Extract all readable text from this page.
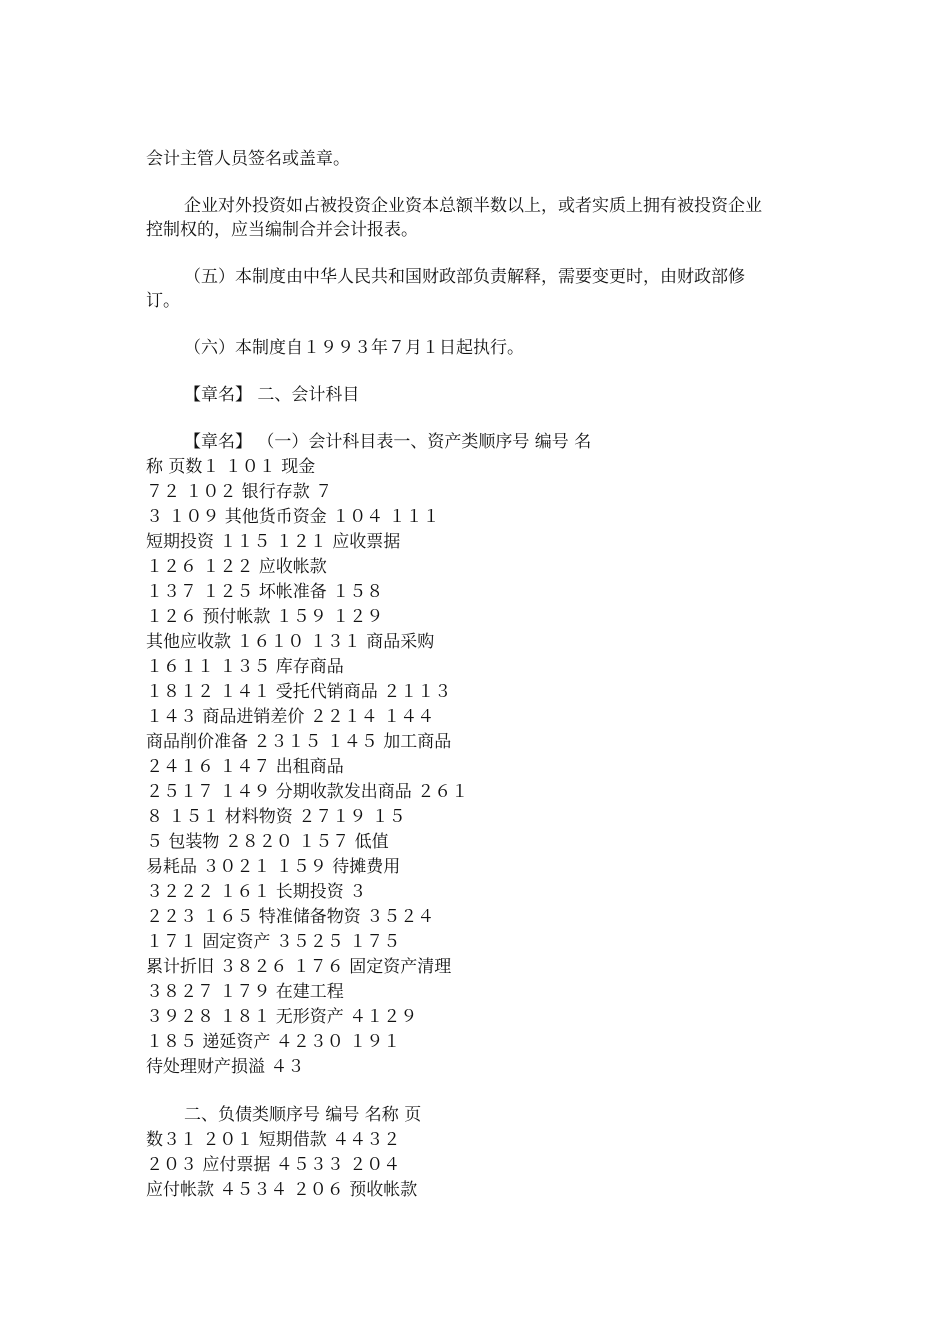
会计主管人员签名或盖章。

企业对外投资如占被投资企业资本总额半数以上，或者实质上拥有被投资企业控制权的，应当编制合并会计报表。

（五）本制度由中华人民共和国财政部负责解释，需要变更时，由财政部修订。

（六）本制度自１９９３年７月１日起执行。

【章名】 二、会计科目

【章名】 （一）会计科目表一、资产类顺序号 编号 名
称 页数１ １０１ 现金
７２ １０２ 银行存款 ７
３ １０９ 其他货币资金 １０４ １１１
短期投资 １１５ １２１ 应收票据
１２６ １２２ 应收帐款
１３７ １２５ 坏帐准备 １５８
１２６ 预付帐款 １５９ １２９
其他应收款 １６１０ １３１ 商品采购
１６１１ １３５ 库存商品
１８１２ １４１ 受托代销商品 ２１１３
１４３ 商品进销差价 ２２１４ １４４
商品削价准备 ２３１５ １４５ 加工商品
２４１６ １４７ 出租商品
２５１７ １４９ 分期收款发出商品 ２６１
８ １５１ 材料物资 ２７１９ １５
５ 包装物 ２８２０ １５７ 低值
易耗品 ３０２１ １５９ 待摊费用
３２２２ １６１ 长期投资 ３
２２３ １６５ 特准储备物资 ３５２４
１７１ 固定资产 ３５２５ １７５
累计折旧 ３８２６ １７６ 固定资产清理
３８２７ １７９ 在建工程
３９２８ １８１ 无形资产 ４１２９
１８５ 递延资产 ４２３０ １９１
待处理财产损溢 ４３
二、负债类顺序号 编号 名称 页
数３１ ２０１ 短期借款 ４４３２
２０３ 应付票据 ４５３３ ２０４
应付帐款 ４５３４ ２０６ 预收帐款
